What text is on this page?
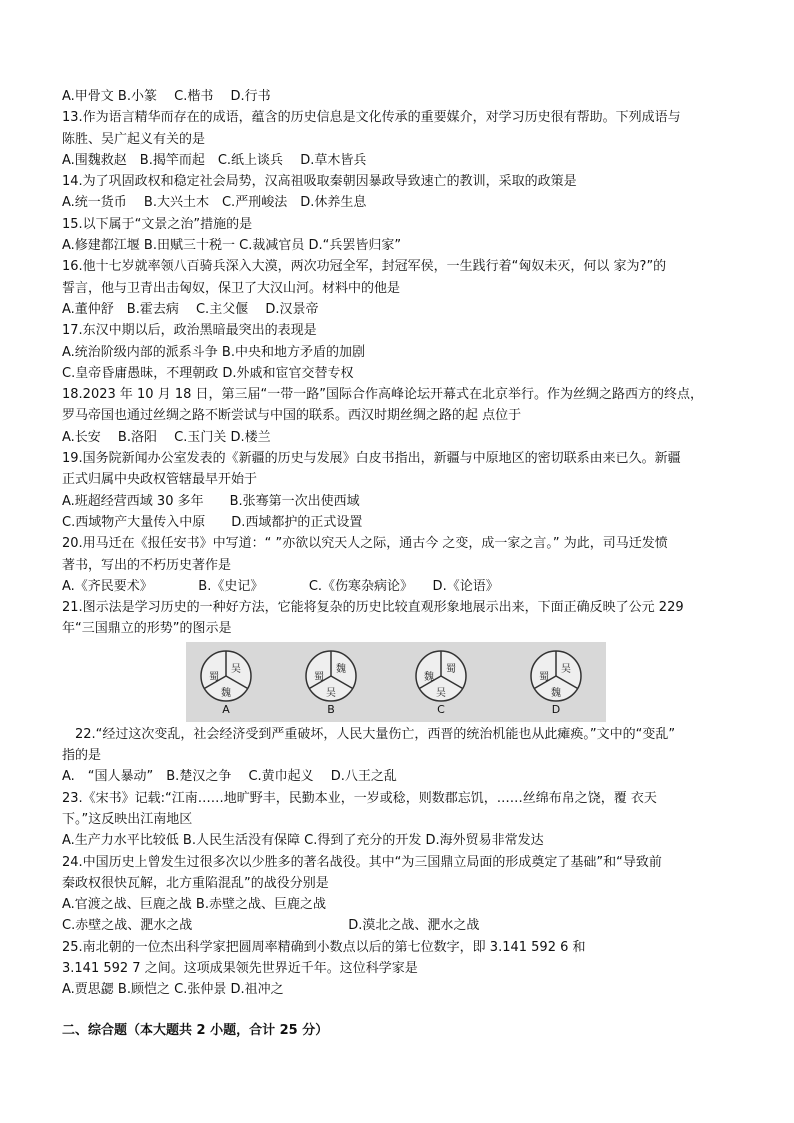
A.甲骨文 B.小篆　 C.楷书　 D.行书
13.作为语言精华而存在的成语，蕴含的历史信息是文化传承的重要媒介，对学习历史很有帮助。下列成语与
陈胜、吴广起义有关的是
A.围魏救赵　B.揭竿而起　C.纸上谈兵　 D.草木皆兵
14.为了巩固政权和稳定社会局势，汉高祖吸取秦朝因暴政导致速亡的教训，采取的政策是
A.统一货币　 B.大兴土木　C.严刑峻法　D.休养生息
15.以下属于“文景之治”措施的是
A.修建都江堰 B.田赋三十税一 C.裁减官员 D.“兵罢皆归家”
16.他十七岁就率领八百骑兵深入大漠，两次功冠全军，封冠军侯，一生践行着“匈奴未灭，何以 家为?”的
誓言，他与卫青出击匈奴，保卫了大汉山河。材料中的他是
A.董仲舒　B.霍去病　 C.主父偃　 D.汉景帝
17.东汉中期以后，政治黑暗最突出的表现是
A.统治阶级内部的派系斗争 B.中央和地方矛盾的加剧
C.皇帝昏庸愚昧，不理朝政 D.外戚和宦官交替专权
18.2023 年 10 月 18 日，第三届“一带一路”国际合作高峰论坛开幕式在北京举行。作为丝绸之路西方的终点，
罗马帝国也通过丝绸之路不断尝试与中国的联系。西汉时期丝绸之路的起 点位于
A.长安　 B.洛阳　 C.玉门关 D.楼兰
19.国务院新闻办公室发表的《新疆的历史与发展》白皮书指出，新疆与中原地区的密切联系由来已久。新疆
正式归属中央政权管辖最早开始于
A.班超经营西域 30 多年　　B.张骞第一次出使西域
C.西域物产大量传入中原　　D.西域都护的正式设置
20.用马迁在《报任安书》中写道：“ ”亦欲以究天人之际，通古今 之变，成一家之言。” 为此，司马迁发愤
著书，写出的不朽历史著作是
A.《齐民要术》　　　　B.《史记》　　　　C.《伤寒杂病论》　　D.《论语》
21.图示法是学习历史的一种好方法，它能将复杂的历史比较直观形象地展示出来，下面正确反映了公元 229
年“三国鼎立的形势”的图示是
吴
蜀
魏
A
魏
蜀
吴
B
蜀
魏
吴
C
吴
蜀
魏
D
　22.“经过这次变乱，社会经济受到严重破坏，人民大量伤亡，西晋的统治机能也从此瘫痪。”文中的“变乱”
指的是
A.　“国人暴动”　B.楚汉之争　 C.黄巾起义　 D.八王之乱
23.《宋书》记载:“江南……地旷野丰，民勤本业，一岁或稔，则数郡忘饥，……丝绵布帛之饶，覆 衣天
下。”这反映出江南地区
A.生产力水平比较低 B.人民生活没有保障 C.得到了充分的开发 D.海外贸易非常发达
24.中国历史上曾发生过很多次以少胜多的著名战役。其中“为三国鼎立局面的形成奠定了基础”和“导致前
秦政权很快瓦解，北方重陷混乱”的战役分别是
A.官渡之战、巨鹿之战 B.赤壁之战、巨鹿之战
C.赤壁之战、淝水之战　　　　　　　　　　　　D.漠北之战、淝水之战
25.南北朝的一位杰出科学家把圆周率精确到小数点以后的第七位数字，即 3.141 592 6 和
3.141 592 7 之间。这项成果领先世界近千年。这位科学家是
A.贾思勰 B.顾恺之 C.张仲景 D.祖冲之
二、综合题（本大题共 2 小题，合计 25 分）
